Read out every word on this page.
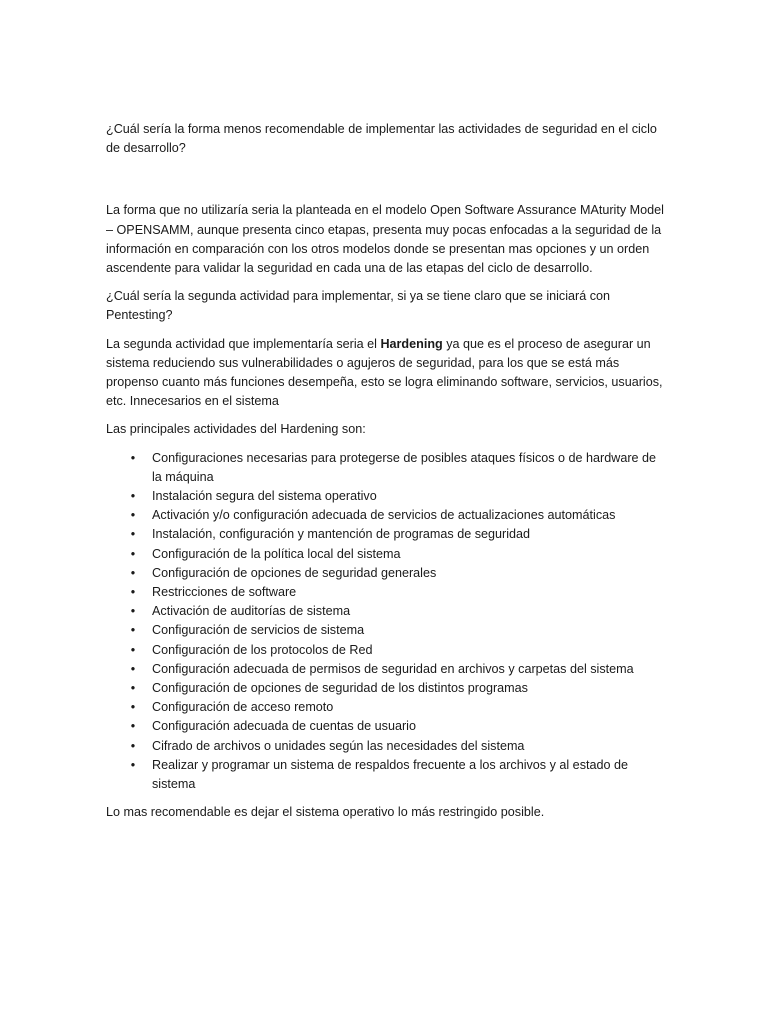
¿Cuál sería la forma menos recomendable de implementar las actividades de seguridad en el ciclo de desarrollo?

La forma que no utilizaría seria la planteada en el modelo Open Software Assurance MAturity Model – OPENSAMM, aunque presenta cinco etapas, presenta muy pocas enfocadas a la seguridad de la información en comparación con los otros modelos donde se presentan mas opciones y un orden ascendente para validar la seguridad en cada una de las etapas del ciclo de desarrollo.

¿Cuál sería la segunda actividad para implementar, si ya se tiene claro que se iniciará con Pentesting?

La segunda actividad que implementaría seria el Hardening ya que es el proceso de asegurar un sistema reduciendo sus vulnerabilidades o agujeros de seguridad, para los que se está más propenso cuanto más funciones desempeña, esto se logra eliminando software, servicios, usuarios, etc. Innecesarios en el sistema

Las principales actividades del Hardening son:

• Configuraciones necesarias para protegerse de posibles ataques físicos o de hardware de la máquina
• Instalación segura del sistema operativo
• Activación y/o configuración adecuada de servicios de actualizaciones automáticas
• Instalación, configuración y mantención de programas de seguridad
• Configuración de la política local del sistema
• Configuración de opciones de seguridad generales
• Restricciones de software
• Activación de auditorías de sistema
• Configuración de servicios de sistema
• Configuración de los protocolos de Red
• Configuración adecuada de permisos de seguridad en archivos y carpetas del sistema
• Configuración de opciones de seguridad de los distintos programas
• Configuración de acceso remoto
• Configuración adecuada de cuentas de usuario
• Cifrado de archivos o unidades según las necesidades del sistema
• Realizar y programar un sistema de respaldos frecuente a los archivos y al estado de sistema

Lo mas recomendable es dejar el sistema operativo lo más restringido posible.
